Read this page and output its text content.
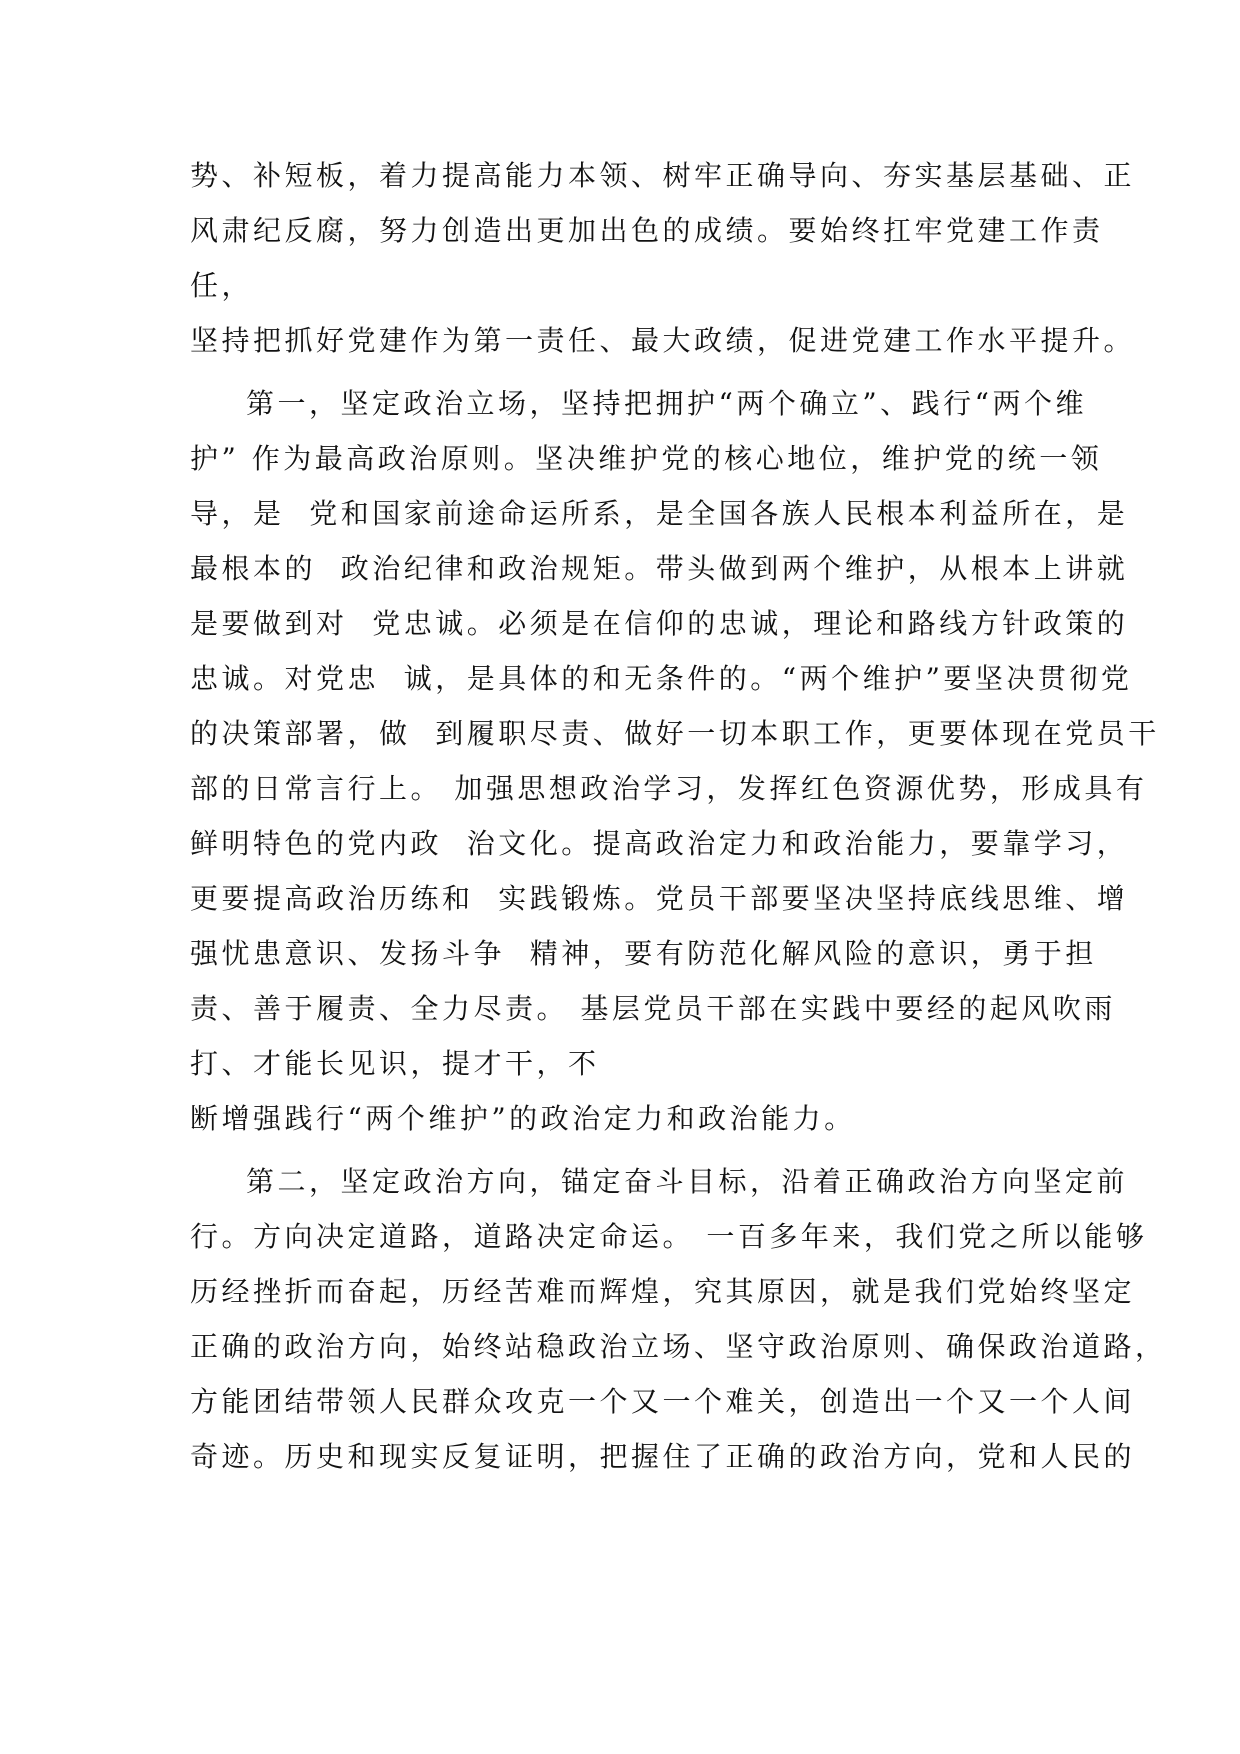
势、补短板，着力提高能力本领、树牢正确导向、夯实基层基础、正
风肃纪反腐，努力创造出更加出色的成绩。要始终扛牢党建工作责
任，
坚持把抓好党建作为第一责任、最大政绩，促进党建工作水平提升。
第一，坚定政治立场，坚持把拥护“两个确立”、践行“两个维
护” 作为最高政治原则。坚决维护党的核心地位，维护党的统一领
导，是  党和国家前途命运所系，是全国各族人民根本利益所在，是
最根本的  政治纪律和政治规矩。带头做到两个维护，从根本上讲就
是要做到对  党忠诚。必须是在信仰的忠诚，理论和路线方针政策的
忠诚。对党忠  诚，是具体的和无条件的。“两个维护”要坚决贯彻党
的决策部署，做  到履职尽责、做好一切本职工作，更要体现在党员干
部的日常言行上。 加强思想政治学习，发挥红色资源优势，形成具有
鲜明特色的党内政  治文化。提高政治定力和政治能力，要靠学习，
更要提高政治历练和  实践锻炼。党员干部要坚决坚持底线思维、增
强忧患意识、发扬斗争  精神，要有防范化解风险的意识，勇于担
责、善于履责、全力尽责。 基层党员干部在实践中要经的起风吹雨
打、才能长见识，提才干，不
断增强践行“两个维护”的政治定力和政治能力。
第二，坚定政治方向，锚定奋斗目标，沿着正确政治方向坚定前
行。方向决定道路，道路决定命运。 一百多年来，我们党之所以能够
历经挫折而奋起，历经苦难而辉煌，究其原因，就是我们党始终坚定
正确的政治方向，始终站稳政治立场、坚守政治原则、确保政治道路，
方能团结带领人民群众攻克一个又一个难关，创造出一个又一个人间
奇迹。历史和现实反复证明，把握住了正确的政治方向，党和人民的
